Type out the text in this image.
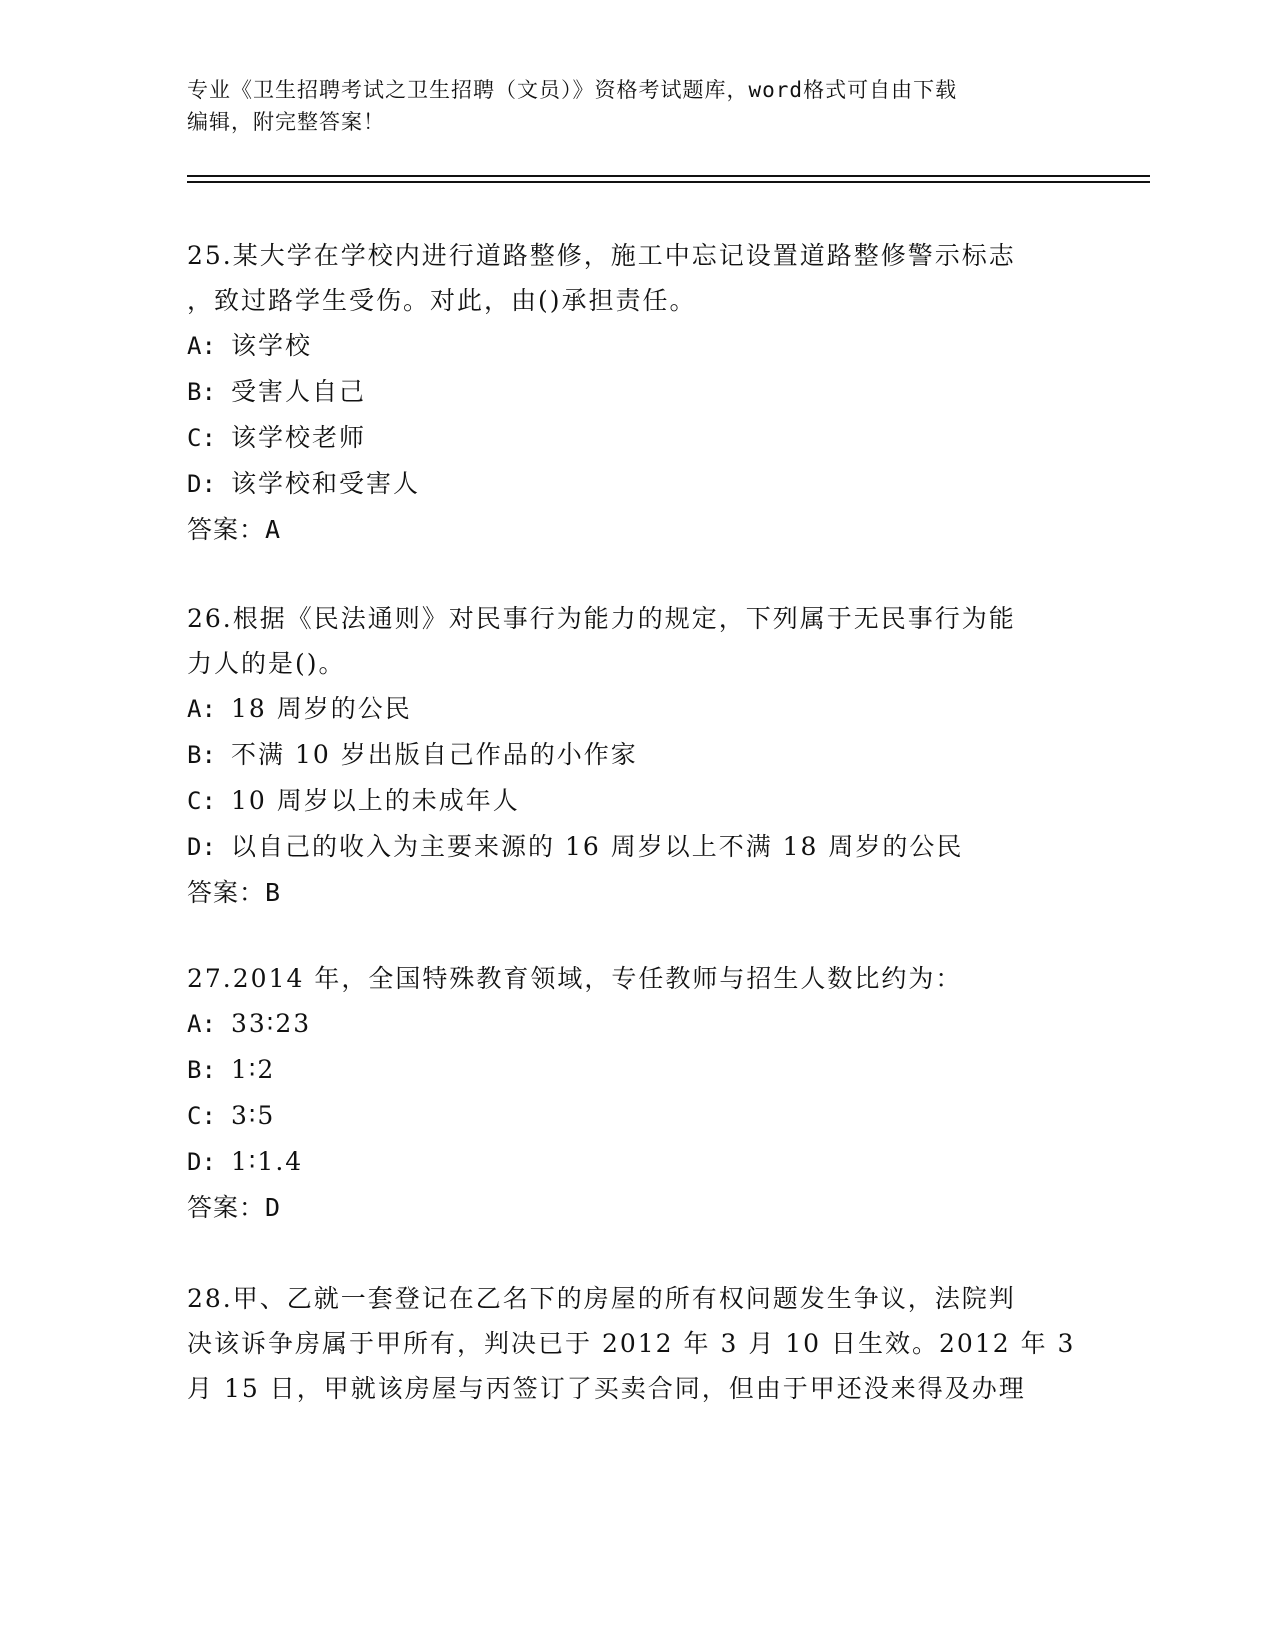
专业《卫生招聘考试之卫生招聘（文员）》资格考试题库，word格式可自由下载
编辑，附完整答案！
25.某大学在学校内进行道路整修，施工中忘记设置道路整修警示标志
，致过路学生受伤。对此，由()承担责任。
A: 该学校
B: 受害人自己
C: 该学校老师
D: 该学校和受害人
答案：A
26.根据《民法通则》对民事行为能力的规定，下列属于无民事行为能
力人的是()。
A: 18 周岁的公民
B: 不满 10 岁出版自己作品的小作家
C: 10 周岁以上的未成年人
D: 以自己的收入为主要来源的 16 周岁以上不满 18 周岁的公民
答案：B
27.2014 年，全国特殊教育领域，专任教师与招生人数比约为：
A: 33∶23
B: 1∶2
C: 3∶5
D: 1∶1.4
答案：D
28.甲、乙就一套登记在乙名下的房屋的所有权问题发生争议，法院判
决该诉争房属于甲所有，判决已于 2012 年 3 月 10 日生效。2012 年 3
月 15 日，甲就该房屋与丙签订了买卖合同，但由于甲还没来得及办理
